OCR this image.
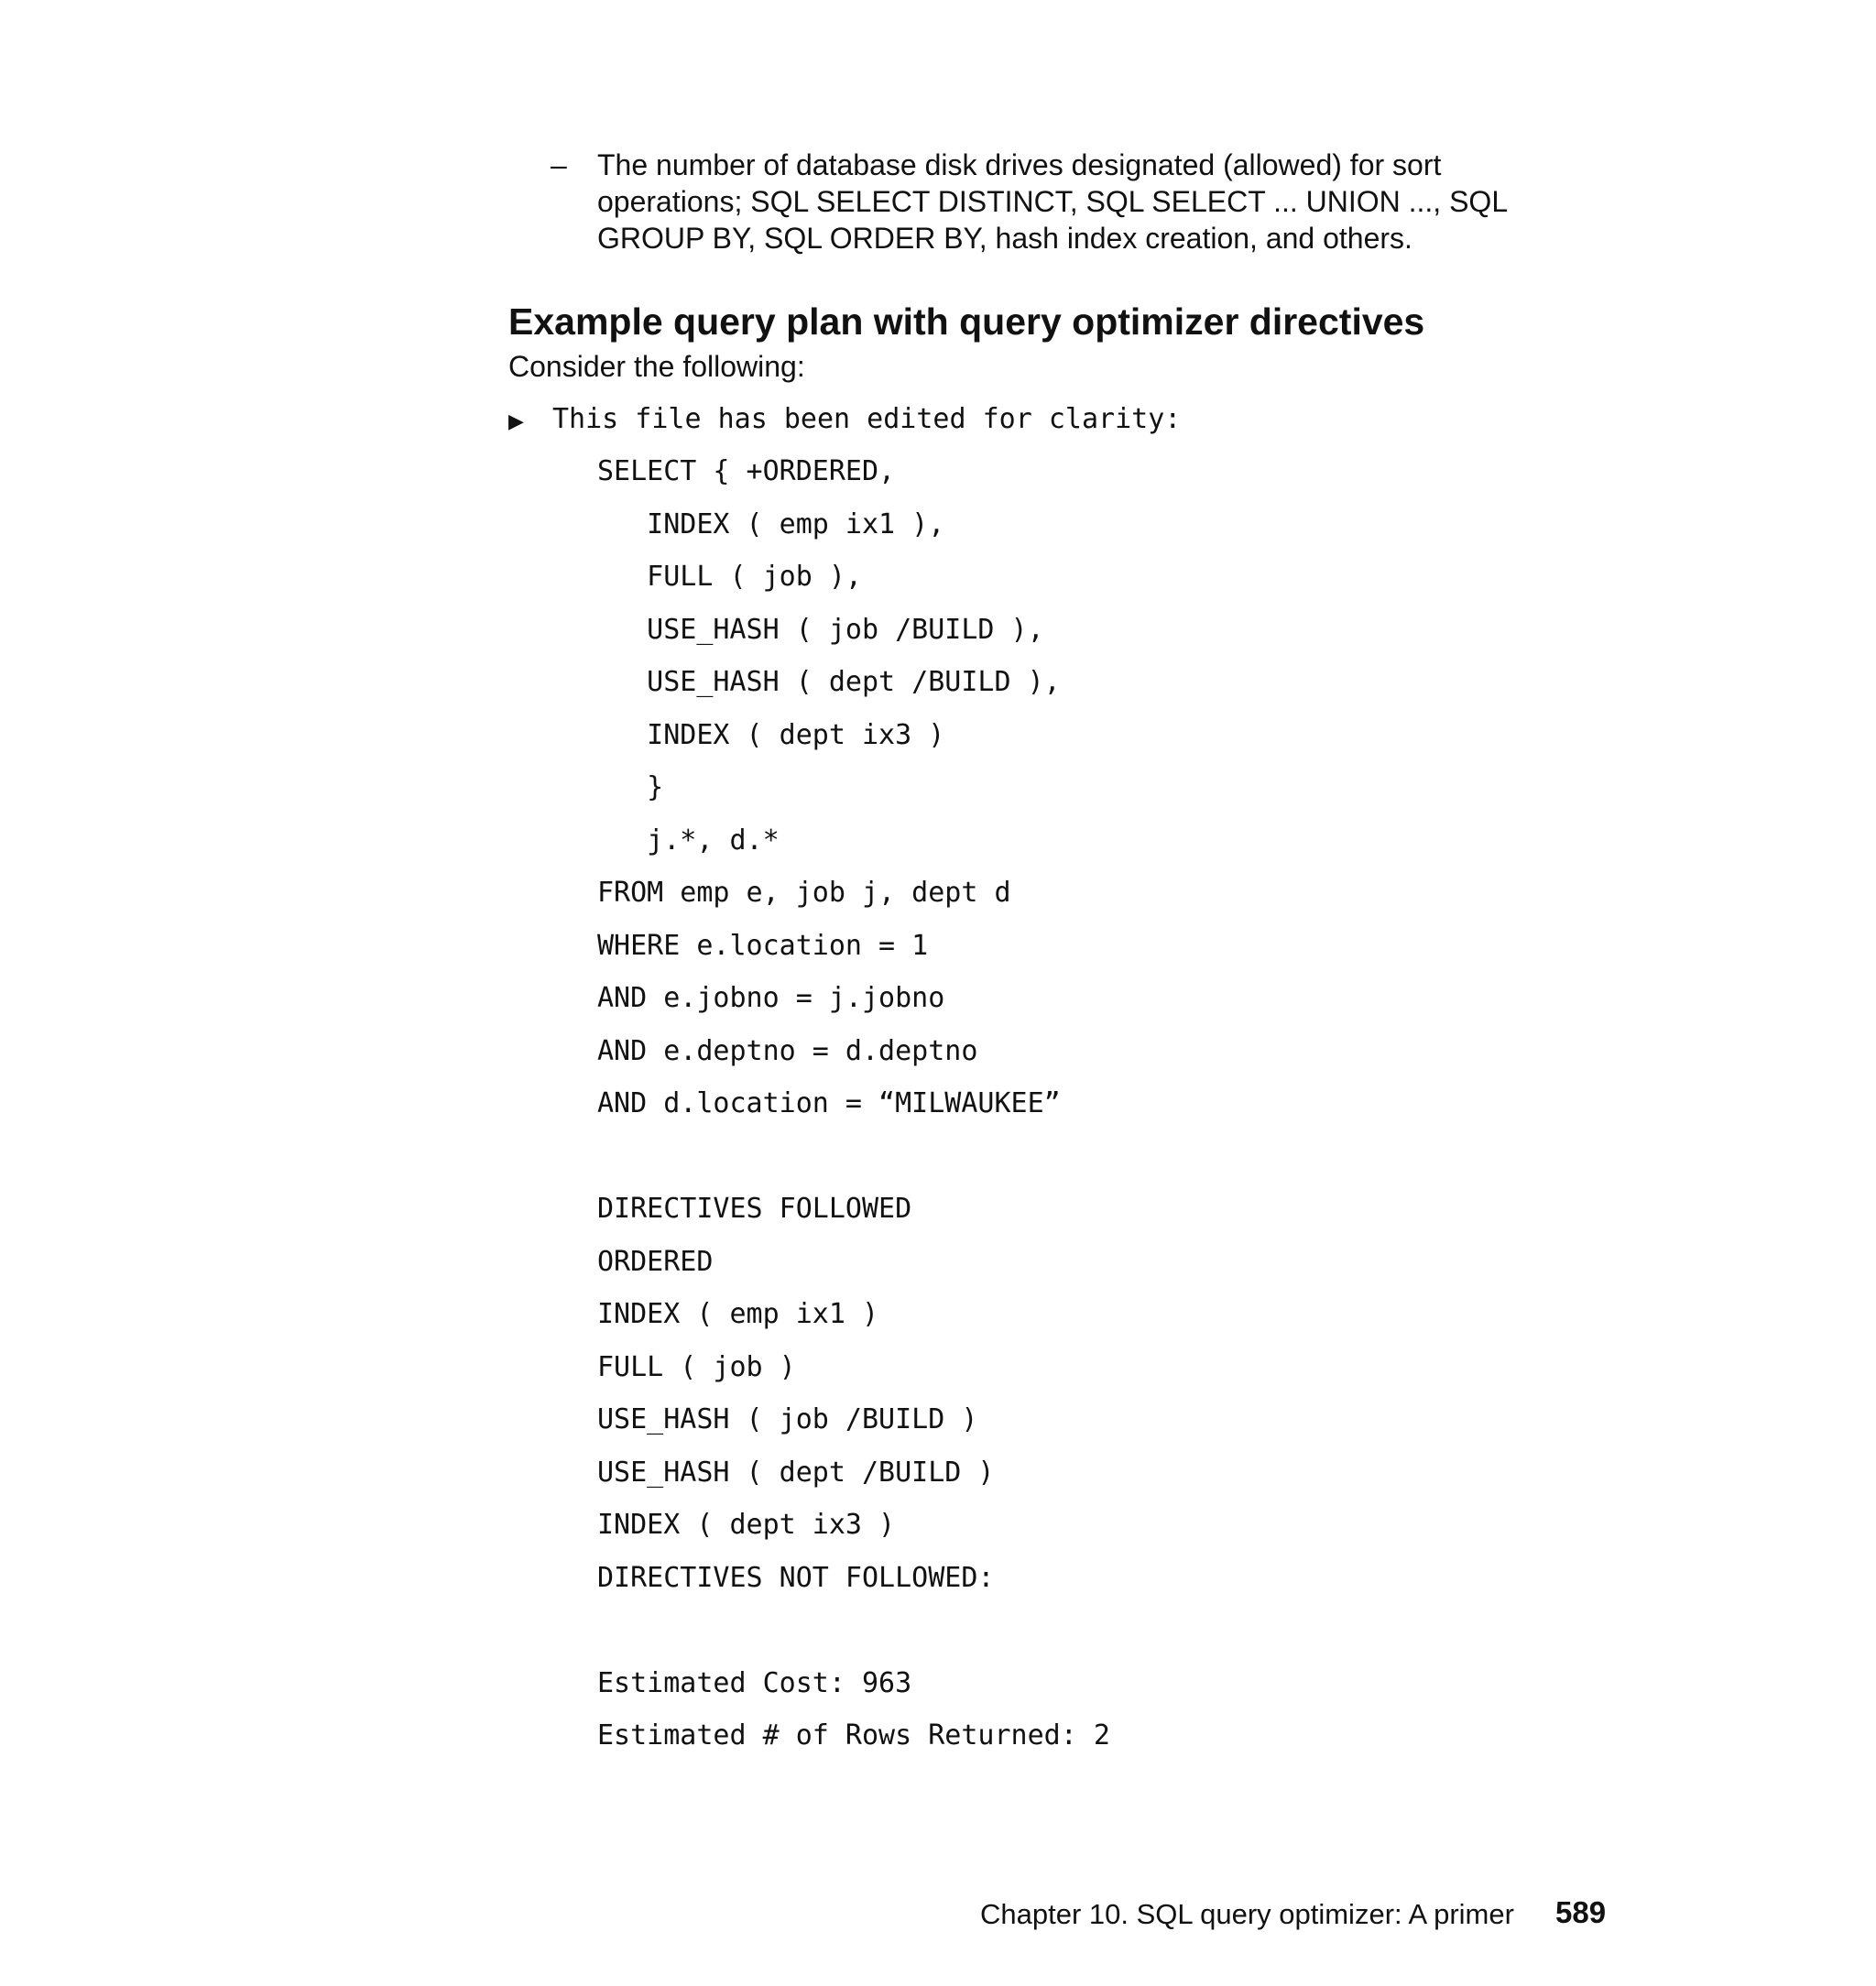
– The number of database disk drives designated (allowed) for sort
operations; SQL SELECT DISTINCT, SQL SELECT ... UNION ..., SQL
GROUP BY, SQL ORDER BY, hash index creation, and others.
Example query plan with query optimizer directives
Consider the following:
▶ This file has been edited for clarity:
SELECT { +ORDERED,
INDEX ( emp ix1 ),
FULL ( job ),
USE_HASH ( job /BUILD ),
USE_HASH ( dept /BUILD ),
INDEX ( dept ix3 )
}
j.*, d.*
FROM emp e, job j, dept d
WHERE e.location = 1
AND e.jobno = j.jobno
AND e.deptno = d.deptno
AND d.location = “MILWAUKEE”
DIRECTIVES FOLLOWED
ORDERED
INDEX ( emp ix1 )
FULL ( job )
USE_HASH ( job /BUILD )
USE_HASH ( dept /BUILD )
INDEX ( dept ix3 )
DIRECTIVES NOT FOLLOWED:
Estimated Cost: 963
Estimated # of Rows Returned: 2
Chapter 10. SQL query optimizer: A primer 589
